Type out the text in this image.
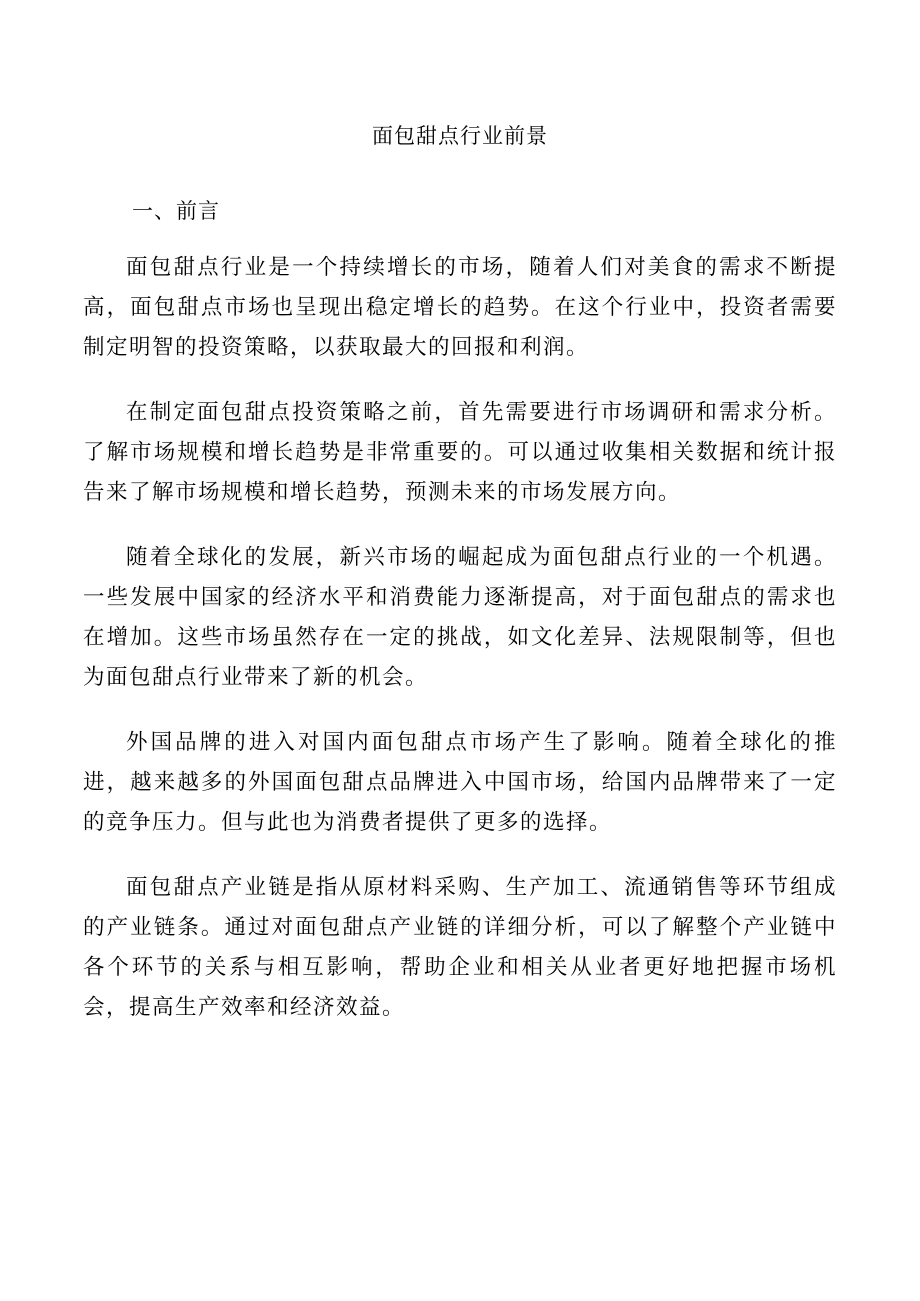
面包甜点行业前景
一、前言

面包甜点行业是一个持续增长的市场，随着人们对美食的需求不断提高，面包甜点市场也呈现出稳定增长的趋势。在这个行业中，投资者需要制定明智的投资策略，以获取最大的回报和利润。

在制定面包甜点投资策略之前，首先需要进行市场调研和需求分析。了解市场规模和增长趋势是非常重要的。可以通过收集相关数据和统计报告来了解市场规模和增长趋势，预测未来的市场发展方向。

随着全球化的发展，新兴市场的崛起成为面包甜点行业的一个机遇。一些发展中国家的经济水平和消费能力逐渐提高，对于面包甜点的需求也在增加。这些市场虽然存在一定的挑战，如文化差异、法规限制等，但也为面包甜点行业带来了新的机会。

外国品牌的进入对国内面包甜点市场产生了影响。随着全球化的推进，越来越多的外国面包甜点品牌进入中国市场，给国内品牌带来了一定的竞争压力。但与此也为消费者提供了更多的选择。

面包甜点产业链是指从原材料采购、生产加工、流通销售等环节组成的产业链条。通过对面包甜点产业链的详细分析，可以了解整个产业链中各个环节的关系与相互影响，帮助企业和相关从业者更好地把握市场机会，提高生产效率和经济效益。
